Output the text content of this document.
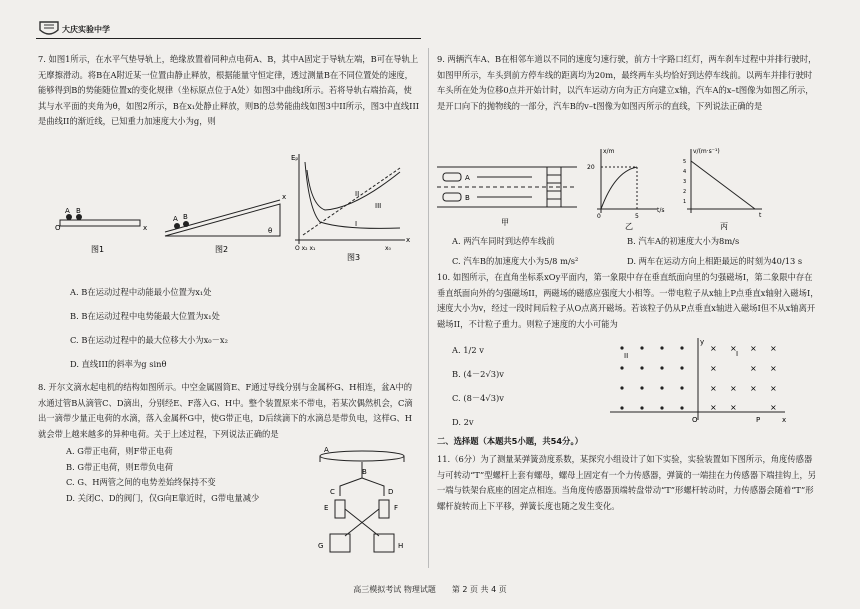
大庆实验中学

7. 如图1所示，在水平气垫导轨上，绝缘放置着同种点电荷A、B，其中A固定于导轨左端，B可在导轨上无摩擦滑动。将B在A附近某一位置由静止释放，根据能量守恒定律，透过测量B在不同位置处的速度，能够得到B的势能随位置x的变化规律（坐标原点位于A处）如图3中曲线I所示。若将导轨右端抬高，使其与水平面的夹角为θ，如图2所示，B在x₁处静止释放，则B的总势能曲线如图3中II所示，图3中直线III是曲线II的渐近线，已知重力加速度大小为g，则

A B
O	x
图1
A B
x
θ
图2
Eₚ
x
II
III
I
O x₂ x₁	x₀
图3

A. B在运动过程中动能最小位置为x₁处

B. B在运动过程中电势能最大位置为x₁处

C. B在运动过程中的最大位移大小为x₀－x₂

D. 直线III的斜率为g sinθ

8. 开尔文滴水起电机的结构如图所示。中空金属圆筒E、F通过导线分别与金属杯G、H相连，盆A中的水通过管B从滴管C、D滴出，分别经E、F落入G、H中。整个装置原来不带电，若某次偶然机会，C滴出一滴带少量正电荷的水滴，落入金属杯G中，使G带正电，D后续滴下的水滴总是带负电，这样G、H就会带上越来越多的异种电荷。关于上述过程，下列说法正确的是

A. G带正电荷，则F带正电荷

B. G带正电荷，则E带负电荷

C. G、H两管之间的电势差始终保持不变

D. 关闭C、D的阀门，仅G向E靠近时，G带电量减少

A
B
C	D
E	F
G	H

9. 两辆汽车A、B在相邻车道以不同的速度匀速行驶，前方十字路口红灯，两车刹车过程中并排行驶时，如图甲所示，车头到前方停车线的距离均为20m，最终两车头均恰好到达停车线前。以两车并排行驶时车头所在处为位移0点并开始计时，以汽车运动方向为正方向建立x轴，汽车A的x–t图像为如图乙所示，是开口向下的抛物线的一部分，汽车B的v–t图像为如图丙所示的直线，下列说法正确的是

A
B
甲
x/m
t/s
20
0	5
乙
v/(m·s⁻¹)
t
5
4
3
2
1
丙

A. 两汽车同时到达停车线前	B. 汽车A的初速度大小为8m/s

C. 汽车B的加速度大小为5/8 m/s²	D. 两车在运动方向上相距最远的时刻为40/13 s

10. 如图所示，在直角坐标系xOy平面内，第一象限中存在垂直纸面向里的匀强磁场I，第二象限中存在垂直纸面向外的匀强磁场II，两磁场的磁感应强度大小相等。一带电粒子从x轴上P点垂直x轴射入磁场I，速度大小为v，经过一段时间后粒子从O点离开磁场。若该粒子仍从P点垂直x轴进入磁场I但不从x轴离开磁场II，不计粒子重力。则粒子速度的大小可能为

A. 1/2 v

B. (4－2√3)v

C. (8－4√3)v

D. 2v

y
x
O	P
II	I
× × × ×
×	× ×
× × × ×
× ×	×
二、选择题（本题共5小题，共54分。）

11.（6分）为了测量某弹簧劲度系数，某探究小组设计了如下实验，实验装置如下图所示，角度传感器与可转动“T”型螺杆上套有螺母，螺母上固定有一个力传感器，弹簧的一端挂在力传感器下端挂钩上，另一端与铁架台底座的固定点相连。当角度传感器顶端转盘带动“T”形螺杆转动时，力传感器会随着“T”形螺杆旋转而上下平移，弹簧长度也随之发生变化。

高三模拟考试 物理试题　　第 2 页 共 4 页
